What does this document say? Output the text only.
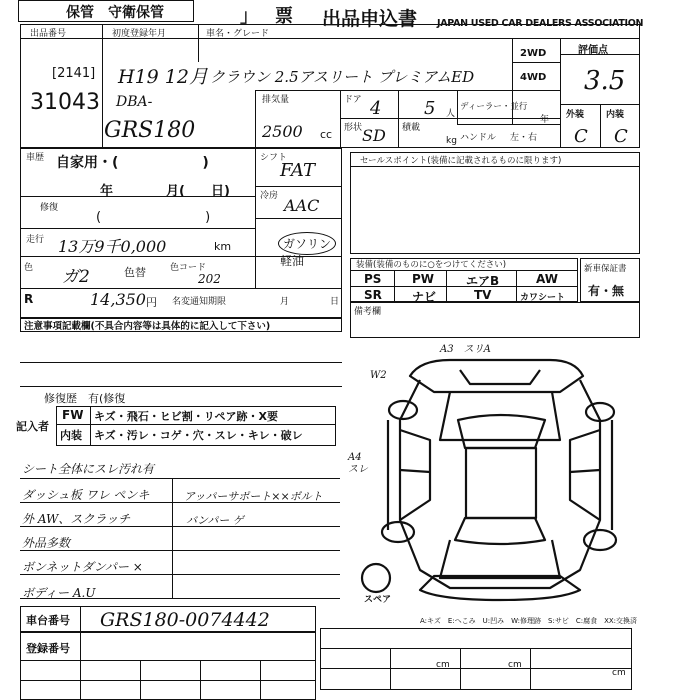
保管 守衛保管	」 票 出品申込書 JAPAN USED CAR DEALERS ASSOCIATION
出品番号	初度登録年月	車名・グレード
2WD
4WD
評価点
外装 内装
排気量	ドア
人
形状	積載
kg
ディーラー・並行
年
ハンドル 左・右
[2141]
31043 DBA-
GRS180
H19 12月 クラウン 2.5アスリート プレミアムED
2500 cc
4 5
SD
3.5
C C
車歴 自家用・(　　　　　　)
年	月(　　日)
修復
(　　　　　　　　)
走行 13万9千0,000	km
色 ガ2	色替	色コード
202
R	14,350 円 名変通知期限	月	日
シフト
FAT
冷房 AAC
ガソリン
軽油
セールスポイント(装備に記載されるものに限ります)
装備(装備のものに○をつけてください)
PS	PW	エアB	AW
SR	ナビ	TV	カワシート
新車保証書
有・無
備考欄
注意事項記載欄(不具合内容等は具体的に記入して下さい)
修復歴　有(修復
FW キズ・飛石・ヒビ割・リペア跡・X要
内装 キズ・汚レ・コゲ・穴・スレ・キレ・破レ
記入者
シート全体にスレ汚れ有
ダッシュ板 ワレ ペンキ
外 AW、スクラッチ
外品多数
ボンネットダンパー ×
ボディー A.U
アッパーサポート××ボルト
バンパー ゲ
車台番号 GRS180-0074442
登録番号
A3　スリA
W2
A4
スレ
スペア
A:キズ　E:へこみ　U:凹み　W:修理跡　S:サビ　C:腐食　XX:交換済
cm	cm
cm
